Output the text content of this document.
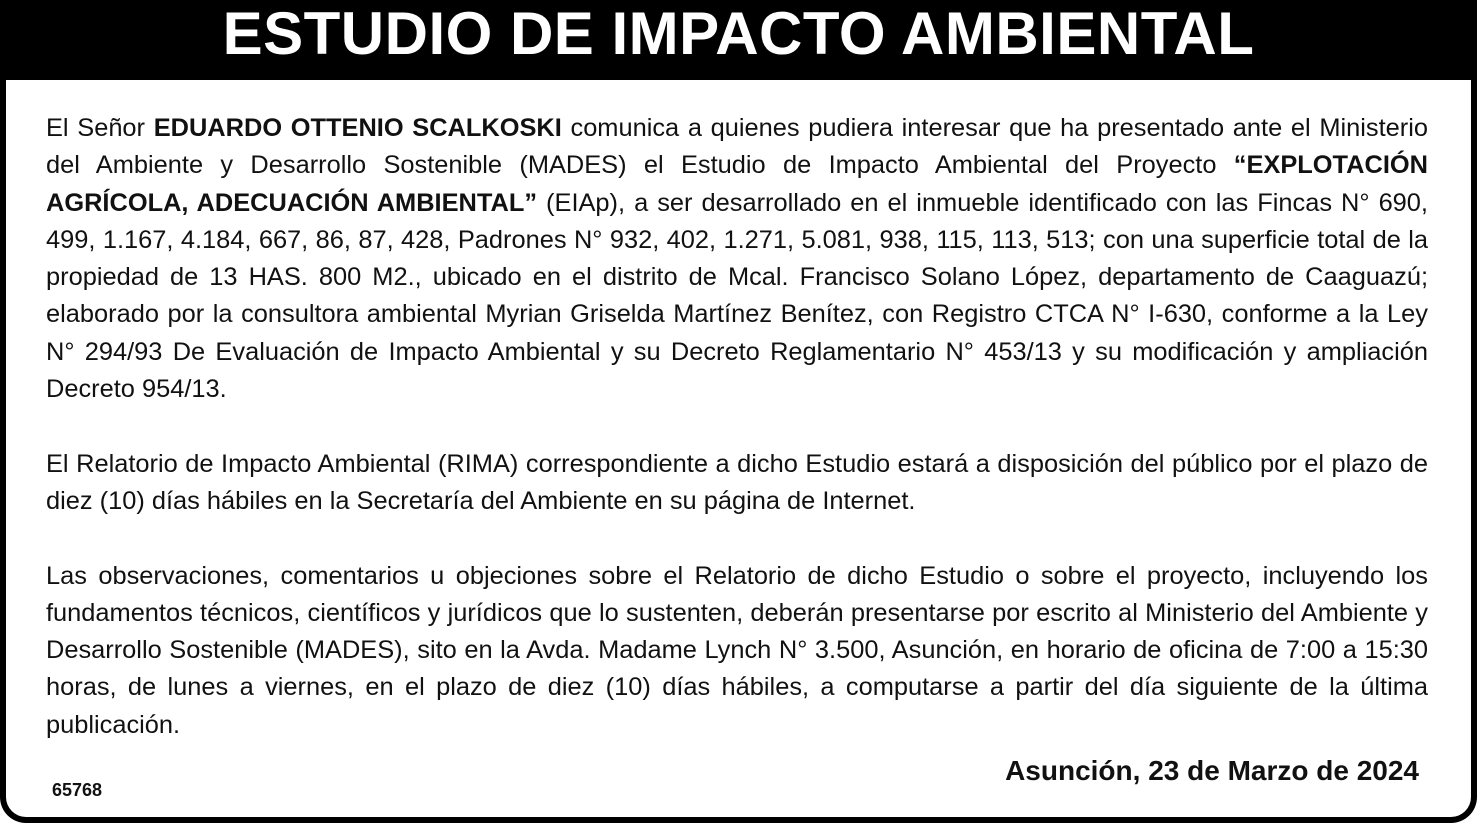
ESTUDIO DE IMPACTO AMBIENTAL

El Señor EDUARDO OTTENIO SCALKOSKI comunica a quienes pudiera interesar que ha presentado ante el Ministerio del Ambiente y Desarrollo Sostenible (MADES) el Estudio de Impacto Ambiental del Proyecto “EXPLOTACIÓN AGRÍCOLA, ADECUACIÓN AMBIENTAL” (EIAp), a ser desarrollado en el inmueble identificado con las Fincas N° 690, 499, 1.167, 4.184, 667, 86, 87, 428, Padrones N° 932, 402, 1.271, 5.081, 938, 115, 113, 513; con una superficie total de la propiedad de 13 HAS. 800 M2., ubicado en el distrito de Mcal. Francisco Solano López, departamento de Caaguazú; elaborado por la consultora ambiental Myrian Griselda Martínez Benítez, con Registro CTCA N° I-630, conforme a la Ley N° 294/93 De Evaluación de Impacto Ambiental y su Decreto Reglamentario N° 453/13 y su modificación y ampliación Decreto 954/13.

El Relatorio de Impacto Ambiental (RIMA) correspondiente a dicho Estudio estará a disposición del público por el plazo de diez (10) días hábiles en la Secretaría del Ambiente en su página de Internet.

Las observaciones, comentarios u objeciones sobre el Relatorio de dicho Estudio o sobre el proyecto, incluyendo los fundamentos técnicos, científicos y jurídicos que lo sustenten, deberán presentarse por escrito al Ministerio del Ambiente y Desarrollo Sostenible (MADES), sito en la Avda. Madame Lynch N° 3.500, Asunción, en horario de oficina de 7:00 a 15:30 horas, de lunes a viernes, en el plazo de diez (10) días hábiles, a computarse a partir del día siguiente de la última publicación.

Asunción, 23 de Marzo de 2024
65768
